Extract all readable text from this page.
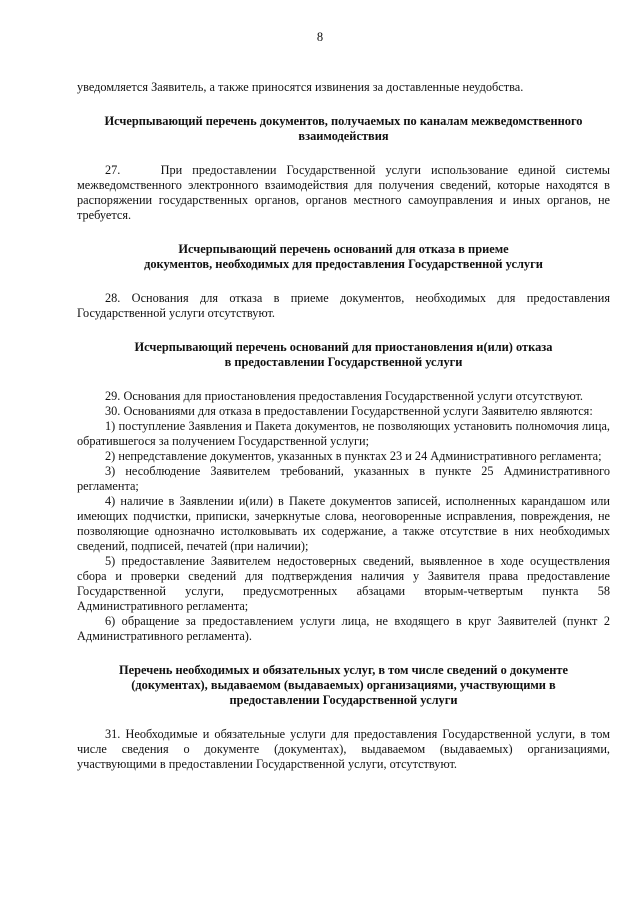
8

уведомляется Заявитель, а также приносятся извинения за доставленные неудобства.

Исчерпывающий перечень документов, получаемых по каналам межведомственного
взаимодействия

27.    При предоставлении Государственной услуги использование единой системы межведомственного электронного взаимодействия для получения сведений, которые находятся в распоряжении государственных органов, органов местного самоуправления и иных органов, не требуется.

Исчерпывающий перечень оснований для отказа в приеме
документов, необходимых для предоставления Государственной услуги

28. Основания для отказа в приеме документов, необходимых для предоставления Государственной услуги отсутствуют.

Исчерпывающий перечень оснований для приостановления и(или) отказа
в предоставлении Государственной услуги

29. Основания для приостановления предоставления Государственной услуги отсутствуют.

30. Основаниями для отказа в предоставлении Государственной услуги Заявителю являются:

1) поступление Заявления и Пакета документов, не позволяющих установить полномочия лица, обратившегося за получением Государственной услуги;

2) непредставление документов, указанных в пунктах 23 и 24 Административного регламента;

3) несоблюдение Заявителем требований, указанных в пункте 25 Административного регламента;

4) наличие в Заявлении и(или) в Пакете документов записей, исполненных карандашом или имеющих подчистки, приписки, зачеркнутые слова, неоговоренные исправления, повреждения, не позволяющие однозначно истолковывать их содержание, а также отсутствие в них необходимых сведений, подписей, печатей (при наличии);

5) предоставление Заявителем недостоверных сведений, выявленное в ходе осуществления сбора и проверки сведений для подтверждения наличия у Заявителя права предоставление Государственной услуги, предусмотренных абзацами вторым-четвертым пункта 58 Административного регламента;

6) обращение за предоставлением услуги лица, не входящего в круг Заявителей (пункт 2 Административного регламента).

Перечень необходимых и обязательных услуг, в том числе сведений о документе
(документах), выдаваемом (выдаваемых) организациями, участвующими в
предоставлении Государственной услуги

31. Необходимые и обязательные услуги для предоставления Государственной услуги, в том числе сведения о документе (документах), выдаваемом (выдаваемых) организациями, участвующими в предоставлении Государственной услуги, отсутствуют.
